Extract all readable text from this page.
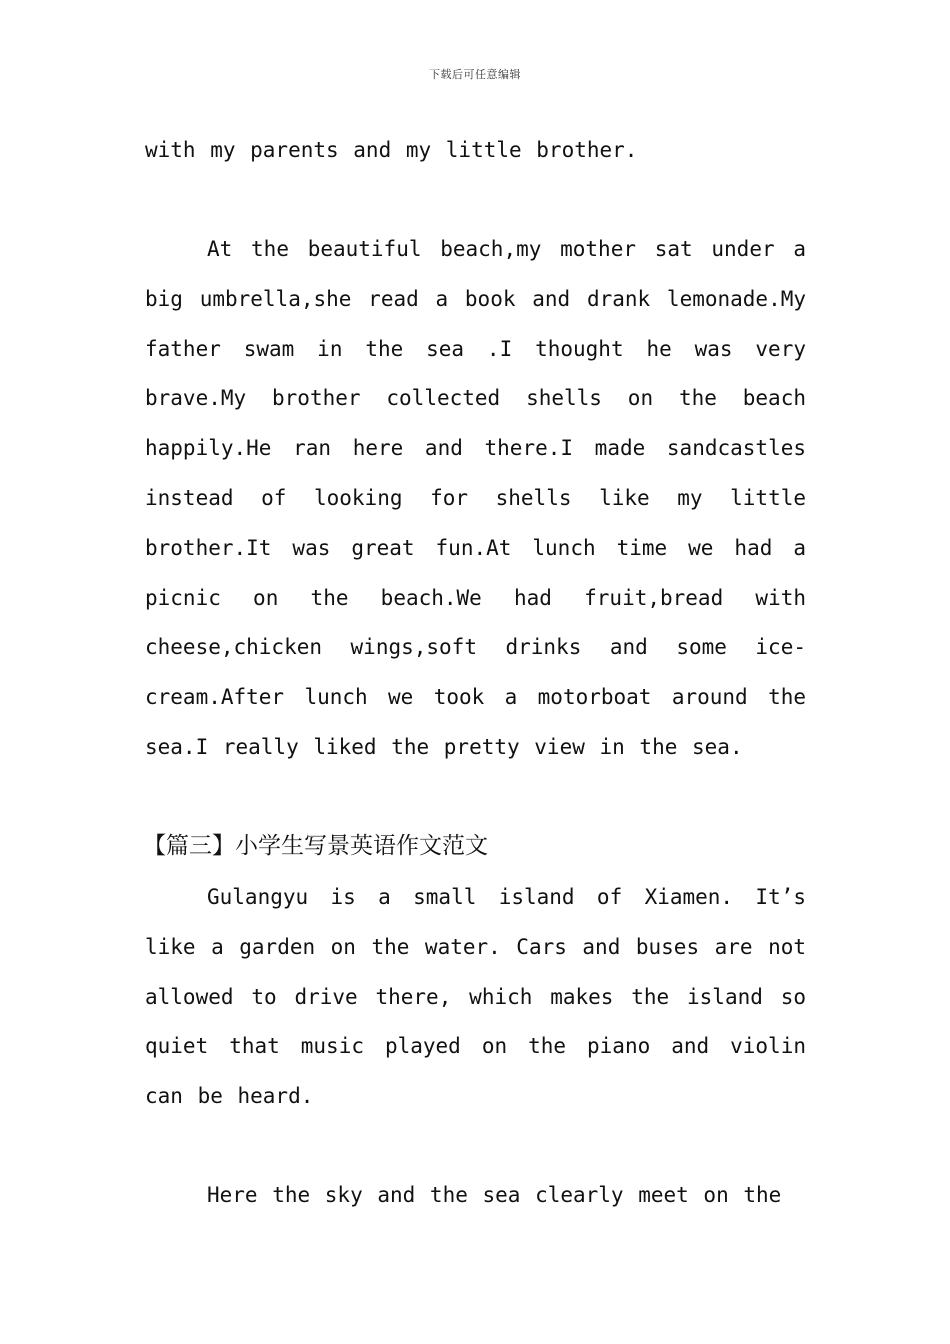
下载后可任意编辑
with my parents and my little brother.
At the beautiful beach,my mother sat under a big umbrella,she read a book and drank lemonade.My father swam in the sea .I thought he was very brave.My brother collected shells on the beach happily.He ran here and there.I made sandcastles instead of looking for shells like my little brother.It was great fun.At lunch time we had a picnic on the beach.We had fruit,bread with cheese,chicken wings,soft drinks and some ice-cream.After lunch we took a motorboat around the sea.I really liked the pretty view in the sea.
【篇三】小学生写景英语作文范文
Gulangyu is a small island of Xiamen. It’s like a garden on the water. Cars and buses are not allowed to drive there, which makes the island so quiet that music played on the piano and violin can be heard.
Here the sky and the sea clearly meet on the
